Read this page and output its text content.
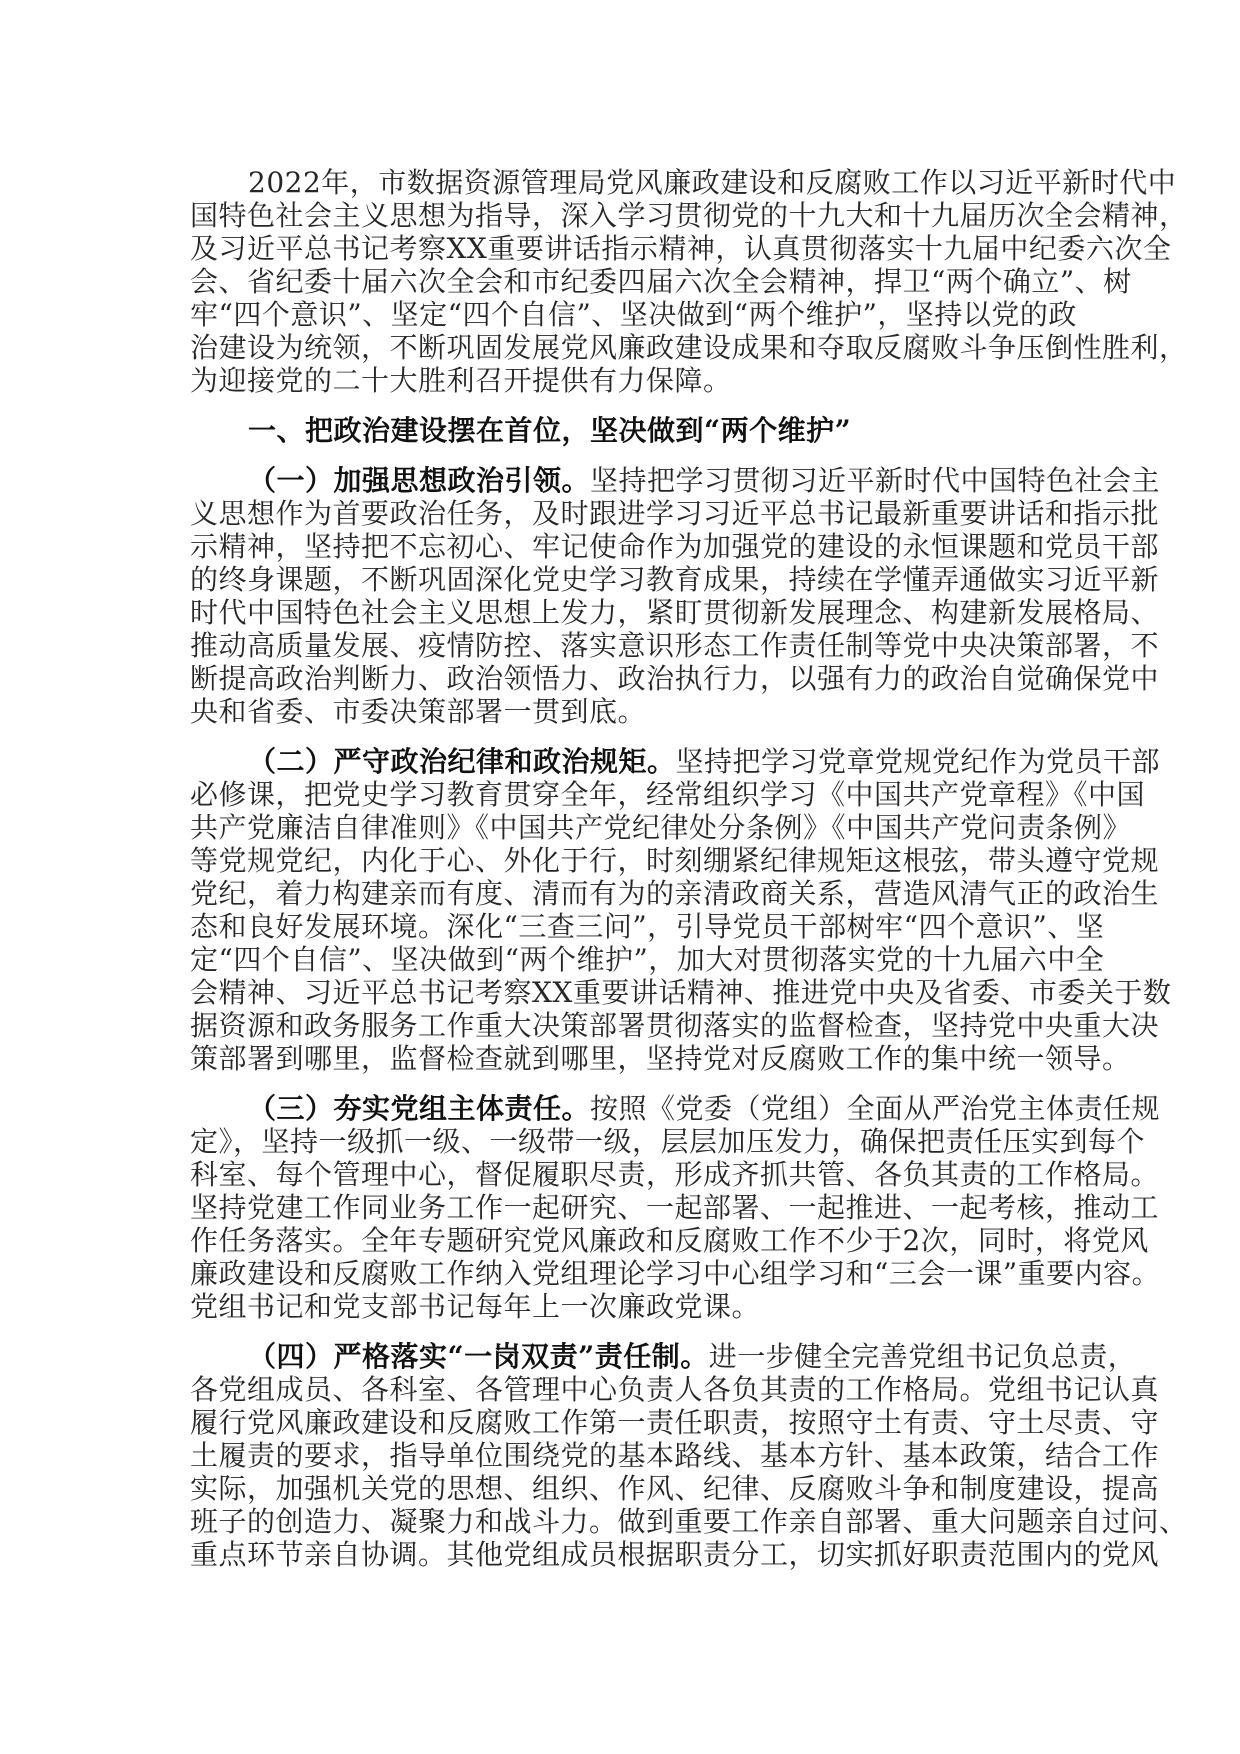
2022年，市数据资源管理局党风廉政建设和反腐败工作以习近平新时代中
国特色社会主义思想为指导，深入学习贯彻党的十九大和十九届历次全会精神，
及习近平总书记考察XX重要讲话指示精神，认真贯彻落实十九届中纪委六次全
会、省纪委十届六次全会和市纪委四届六次全会精神，捍卫“两个确立”、树
牢“四个意识”、坚定“四个自信”、坚决做到“两个维护”，坚持以党的政
治建设为统领，不断巩固发展党风廉政建设成果和夺取反腐败斗争压倒性胜利，
为迎接党的二十大胜利召开提供有力保障。
一、把政治建设摆在首位，坚决做到“两个维护”
（一）加强思想政治引领。坚持把学习贯彻习近平新时代中国特色社会主
义思想作为首要政治任务，及时跟进学习习近平总书记最新重要讲话和指示批
示精神，坚持把不忘初心、牢记使命作为加强党的建设的永恒课题和党员干部
的终身课题，不断巩固深化党史学习教育成果，持续在学懂弄通做实习近平新
时代中国特色社会主义思想上发力，紧盯贯彻新发展理念、构建新发展格局、
推动高质量发展、疫情防控、落实意识形态工作责任制等党中央决策部署，不
断提高政治判断力、政治领悟力、政治执行力，以强有力的政治自觉确保党中
央和省委、市委决策部署一贯到底。
（二）严守政治纪律和政治规矩。坚持把学习党章党规党纪作为党员干部
必修课，把党史学习教育贯穿全年，经常组织学习《中国共产党章程》《中国
共产党廉洁自律准则》《中国共产党纪律处分条例》《中国共产党问责条例》
等党规党纪，内化于心、外化于行，时刻绷紧纪律规矩这根弦，带头遵守党规
党纪，着力构建亲而有度、清而有为的亲清政商关系，营造风清气正的政治生
态和良好发展环境。深化“三查三问”，引导党员干部树牢“四个意识”、坚
定“四个自信”、坚决做到“两个维护”，加大对贯彻落实党的十九届六中全
会精神、习近平总书记考察XX重要讲话精神、推进党中央及省委、市委关于数
据资源和政务服务工作重大决策部署贯彻落实的监督检查，坚持党中央重大决
策部署到哪里，监督检查就到哪里，坚持党对反腐败工作的集中统一领导。
（三）夯实党组主体责任。按照《党委（党组）全面从严治党主体责任规
定》，坚持一级抓一级、一级带一级，层层加压发力，确保把责任压实到每个
科室、每个管理中心，督促履职尽责，形成齐抓共管、各负其责的工作格局。
坚持党建工作同业务工作一起研究、一起部署、一起推进、一起考核，推动工
作任务落实。全年专题研究党风廉政和反腐败工作不少于2次，同时，将党风
廉政建设和反腐败工作纳入党组理论学习中心组学习和“三会一课”重要内容。
党组书记和党支部书记每年上一次廉政党课。
（四）严格落实“一岗双责”责任制。进一步健全完善党组书记负总责，
各党组成员、各科室、各管理中心负责人各负其责的工作格局。党组书记认真
履行党风廉政建设和反腐败工作第一责任职责，按照守土有责、守土尽责、守
土履责的要求，指导单位围绕党的基本路线、基本方针、基本政策，结合工作
实际，加强机关党的思想、组织、作风、纪律、反腐败斗争和制度建设，提高
班子的创造力、凝聚力和战斗力。做到重要工作亲自部署、重大问题亲自过问、
重点环节亲自协调。其他党组成员根据职责分工，切实抓好职责范围内的党风
